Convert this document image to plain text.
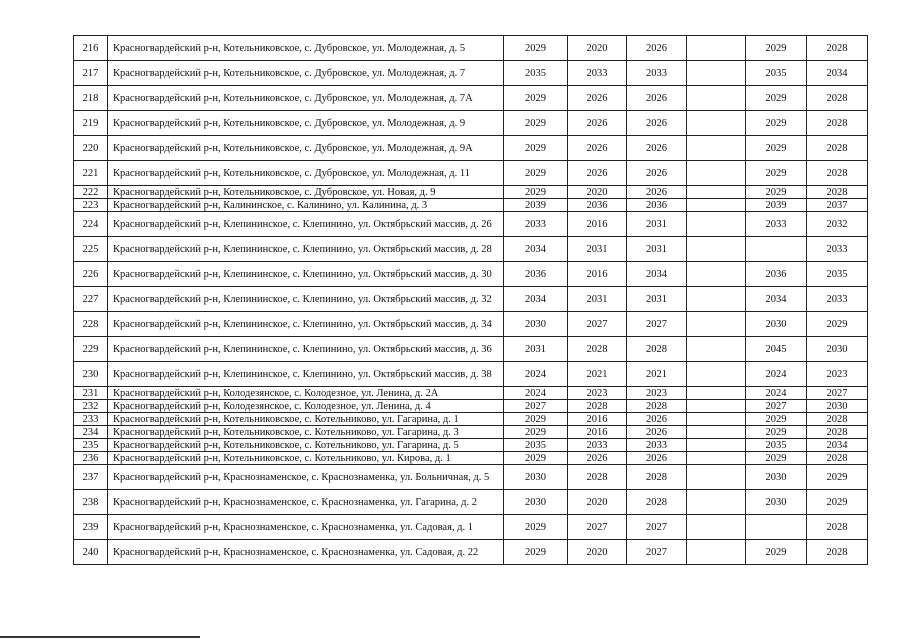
216	Красногвардейский р-н, Котельниковское, с. Дубровское, ул. Молодежная, д. 5	2029	2020	2026		2029	2028
217	Красногвардейский р-н, Котельниковское, с. Дубровское, ул. Молодежная, д. 7	2035	2033	2033		2035	2034
218	Красногвардейский р-н, Котельниковское, с. Дубровское, ул. Молодежная, д. 7А	2029	2026	2026		2029	2028
219	Красногвардейский р-н, Котельниковское, с. Дубровское, ул. Молодежная, д. 9	2029	2026	2026		2029	2028
220	Красногвардейский р-н, Котельниковское, с. Дубровское, ул. Молодежная, д. 9А	2029	2026	2026		2029	2028
221	Красногвардейский р-н, Котельниковское, с. Дубровское, ул. Молодежная, д. 11	2029	2026	2026		2029	2028
222	Красногвардейский р-н, Котельниковское, с. Дубровское, ул. Новая, д. 9	2029	2020	2026		2029	2028
223	Красногвардейский р-н, Калининское, с. Калинино, ул. Калинина, д. 3	2039	2036	2036		2039	2037
224	Красногвардейский р-н, Клепининское, с. Клепинино, ул. Октябрьский массив, д. 26	2033	2016	2031		2033	2032
225	Красногвардейский р-н, Клепининское, с. Клепинино, ул. Октябрьский массив, д. 28	2034	2031	2031			2033
226	Красногвардейский р-н, Клепининское, с. Клепинино, ул. Октябрьский массив, д. 30	2036	2016	2034		2036	2035
227	Красногвардейский р-н, Клепининское, с. Клепинино, ул. Октябрьский массив, д. 32	2034	2031	2031		2034	2033
228	Красногвардейский р-н, Клепининское, с. Клепинино, ул. Октябрьский массив, д. 34	2030	2027	2027		2030	2029
229	Красногвардейский р-н, Клепининское, с. Клепинино, ул. Октябрьский массив, д. 36	2031	2028	2028		2045	2030
230	Красногвардейский р-н, Клепининское, с. Клепинино, ул. Октябрьский массив, д. 38	2024	2021	2021		2024	2023
231	Красногвардейский р-н, Колодезянское, с. Колодезное, ул. Ленина, д. 2А	2024	2023	2023		2024	2027
232	Красногвардейский р-н, Колодезянское, с. Колодезное, ул. Ленина, д. 4	2027	2028	2028		2027	2030
233	Красногвардейский р-н, Котельниковское, с. Котельниково, ул. Гагарина, д. 1	2029	2016	2026		2029	2028
234	Красногвардейский р-н, Котельниковское, с. Котельниково, ул. Гагарина, д. 3	2029	2016	2026		2029	2028
235	Красногвардейский р-н, Котельниковское, с. Котельниково, ул. Гагарина, д. 5	2035	2033	2033		2035	2034
236	Красногвардейский р-н, Котельниковское, с. Котельниково, ул. Кирова, д. 1	2029	2026	2026		2029	2028
237	Красногвардейский р-н, Краснознаменское, с. Краснознаменка, ул. Больничная, д. 5	2030	2028	2028		2030	2029
238	Красногвардейский р-н, Краснознаменское, с. Краснознаменка, ул. Гагарина, д. 2	2030	2020	2028		2030	2029
239	Красногвардейский р-н, Краснознаменское, с. Краснознаменка, ул. Садовая, д. 1	2029	2027	2027			2028
240	Красногвардейский р-н, Краснознаменское, с. Краснознаменка, ул. Садовая, д. 22	2029	2020	2027		2029	2028
